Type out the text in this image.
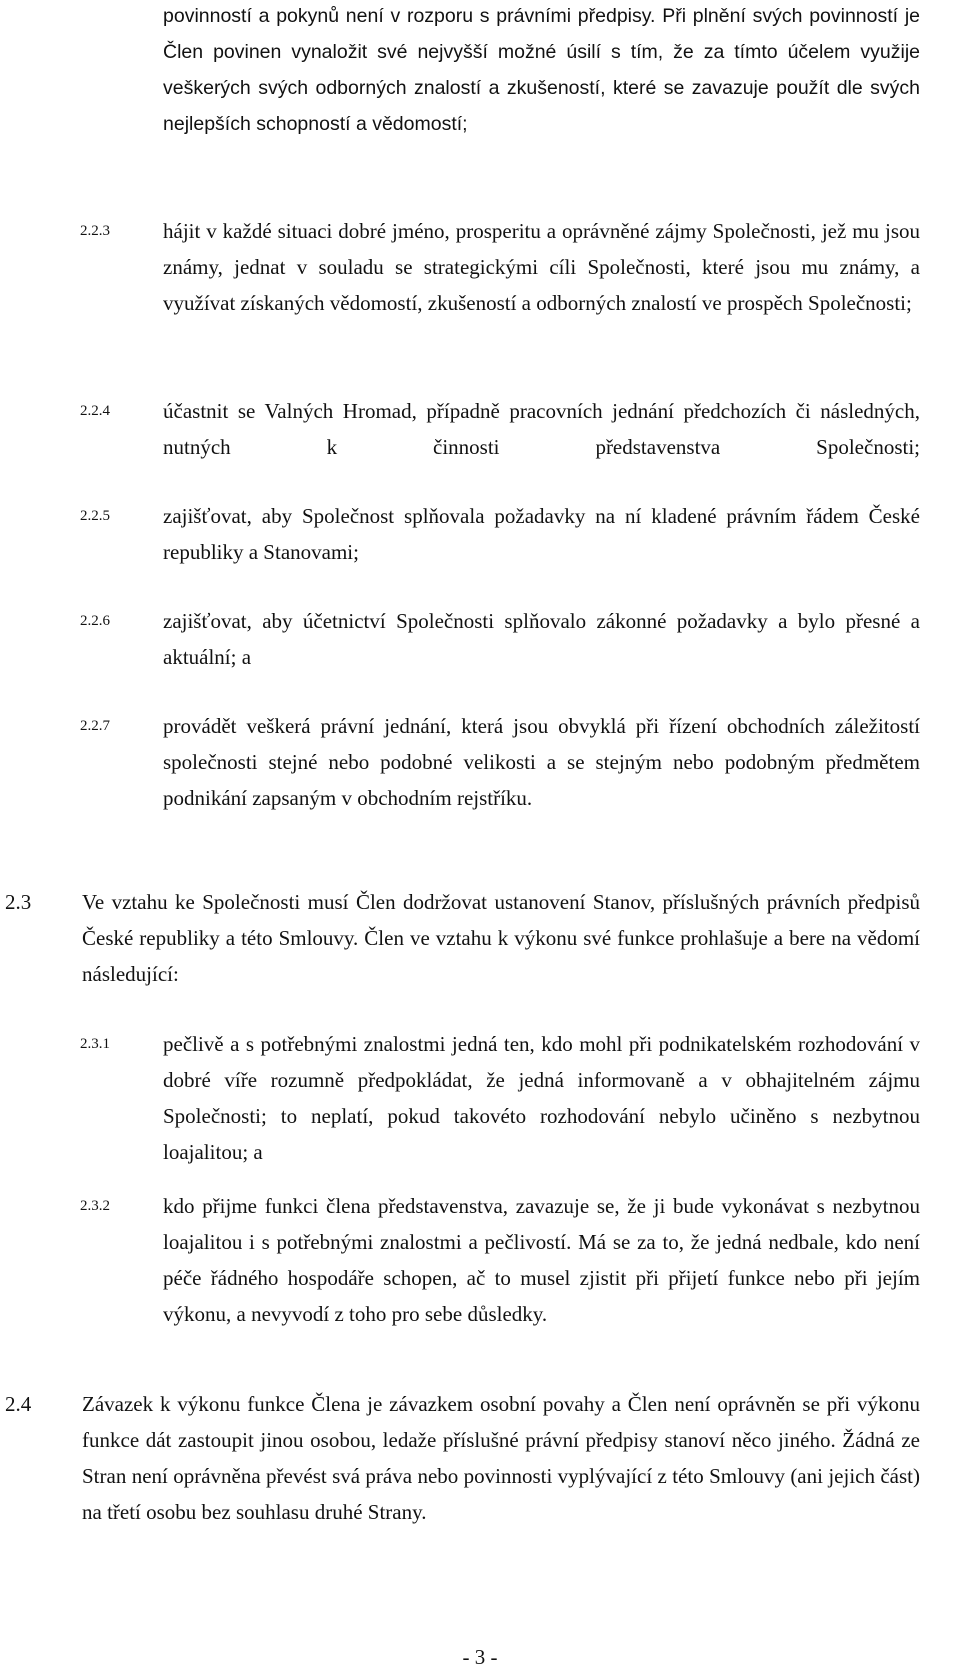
povinností a pokynů není v rozporu s právními předpisy. Při plnění svých povinností je Člen povinen vynaložit své nejvyšší možné úsilí s tím, že za tímto účelem využije veškerých svých odborných znalostí a zkušeností, které se zavazuje použít dle svých nejlepších schopností a vědomostí;

2.2.3	hájit v každé situaci dobré jméno, prosperitu a oprávněné zájmy Společnosti, jež mu jsou známy, jednat v souladu se strategickými cíli Společnosti, které jsou mu známy, a využívat získaných vědomostí, zkušeností a odborných znalostí ve prospěch Společnosti;

2.2.4	účastnit se Valných Hromad, případně pracovních jednání předchozích či následných, nutných k činnosti představenstva Společnosti;

2.2.5	zajišťovat, aby Společnost splňovala požadavky na ní kladené právním řádem České republiky a Stanovami;

2.2.6	zajišťovat, aby účetnictví Společnosti splňovalo zákonné požadavky a bylo přesné a aktuální; a

2.2.7	provádět veškerá právní jednání, která jsou obvyklá při řízení obchodních záležitostí společnosti stejné nebo podobné velikosti a se stejným nebo podobným předmětem podnikání zapsaným v obchodním rejstříku.

2.3 Ve vztahu ke Společnosti musí Člen dodržovat ustanovení Stanov, příslušných právních předpisů České republiky a této Smlouvy. Člen ve vztahu k výkonu své funkce prohlašuje a bere na vědomí následující:

2.3.1	pečlivě a s potřebnými znalostmi jedná ten, kdo mohl při podnikatelském rozhodování v dobré víře rozumně předpokládat, že jedná informovaně a v obhajitelném zájmu Společnosti; to neplatí, pokud takovéto rozhodování nebylo učiněno s nezbytnou loajalitou; a

2.3.2	kdo přijme funkci člena představenstva, zavazuje se, že ji bude vykonávat s nezbytnou loajalitou i s potřebnými znalostmi a pečlivostí. Má se za to, že jedná nedbale, kdo není péče řádného hospodáře schopen, ač to musel zjistit při přijetí funkce nebo při jejím výkonu, a nevyvodí z toho pro sebe důsledky.

2.4 Závazek k výkonu funkce Člena je závazkem osobní povahy a Člen není oprávněn se při výkonu funkce dát zastoupit jinou osobou, ledaže příslušné právní předpisy stanoví něco jiného. Žádná ze Stran není oprávněna převést svá práva nebo povinnosti vyplývající z této Smlouvy (ani jejich část) na třetí osobu bez souhlasu druhé Strany.

- 3 -
